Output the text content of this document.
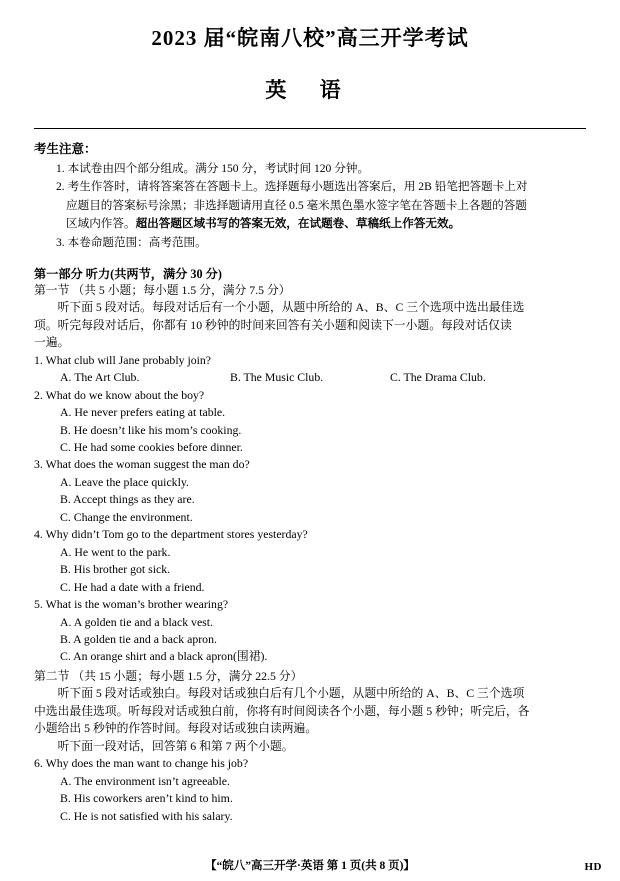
2023 届“皖南八校”高三开学考试
英 语
考生注意：
1. 本试卷由四个部分组成。满分 150 分，考试时间 120 分钟。
2. 考生作答时，请将答案答在答题卡上。选择题每小题选出答案后，用 2B 铅笔把答题卡上对
应题目的答案标号涂黑；非选择题请用直径 0.5 毫米黑色墨水签字笔在答题卡上各题的答题
区域内作答。超出答题区域书写的答案无效，在试题卷、草稿纸上作答无效。
3. 本卷命题范围：高考范围。
第一部分 听力(共两节，满分 30 分)
第一节 （共 5 小题；每小题 1.5 分，满分 7.5 分）
听下面 5 段对话。每段对话后有一个小题，从题中所给的 A、B、C 三个选项中选出最佳选
项。听完每段对话后，你都有 10 秒钟的时间来回答有关小题和阅读下一小题。每段对话仅读
一遍。
1. What club will Jane probably join?
A. The Art Club.	B. The Music Club.	C. The Drama Club.
2. What do we know about the boy?
A. He never prefers eating at table.
B. He doesn’t like his mom’s cooking.
C. He had some cookies before dinner.
3. What does the woman suggest the man do?
A. Leave the place quickly.
B. Accept things as they are.
C. Change the environment.
4. Why didn’t Tom go to the department stores yesterday?
A. He went to the park.
B. His brother got sick.
C. He had a date with a friend.
5. What is the woman’s brother wearing?
A. A golden tie and a black vest.
B. A golden tie and a back apron.
C. An orange shirt and a black apron(围裙).
第二节 （共 15 小题；每小题 1.5 分，满分 22.5 分）
听下面 5 段对话或独白。每段对话或独白后有几个小题，从题中所给的 A、B、C 三个选项
中选出最佳选项。听每段对话或独白前，你将有时间阅读各个小题，每小题 5 秒钟；听完后，各
小题给出 5 秒钟的作答时间。每段对话或独白读两遍。
听下面一段对话，回答第 6 和第 7 两个小题。
6. Why does the man want to change his job?
A. The environment isn’t agreeable.
B. His coworkers aren’t kind to him.
C. He is not satisfied with his salary.
【“皖八”高三开学·英语 第 1 页(共 8 页)】	HD
